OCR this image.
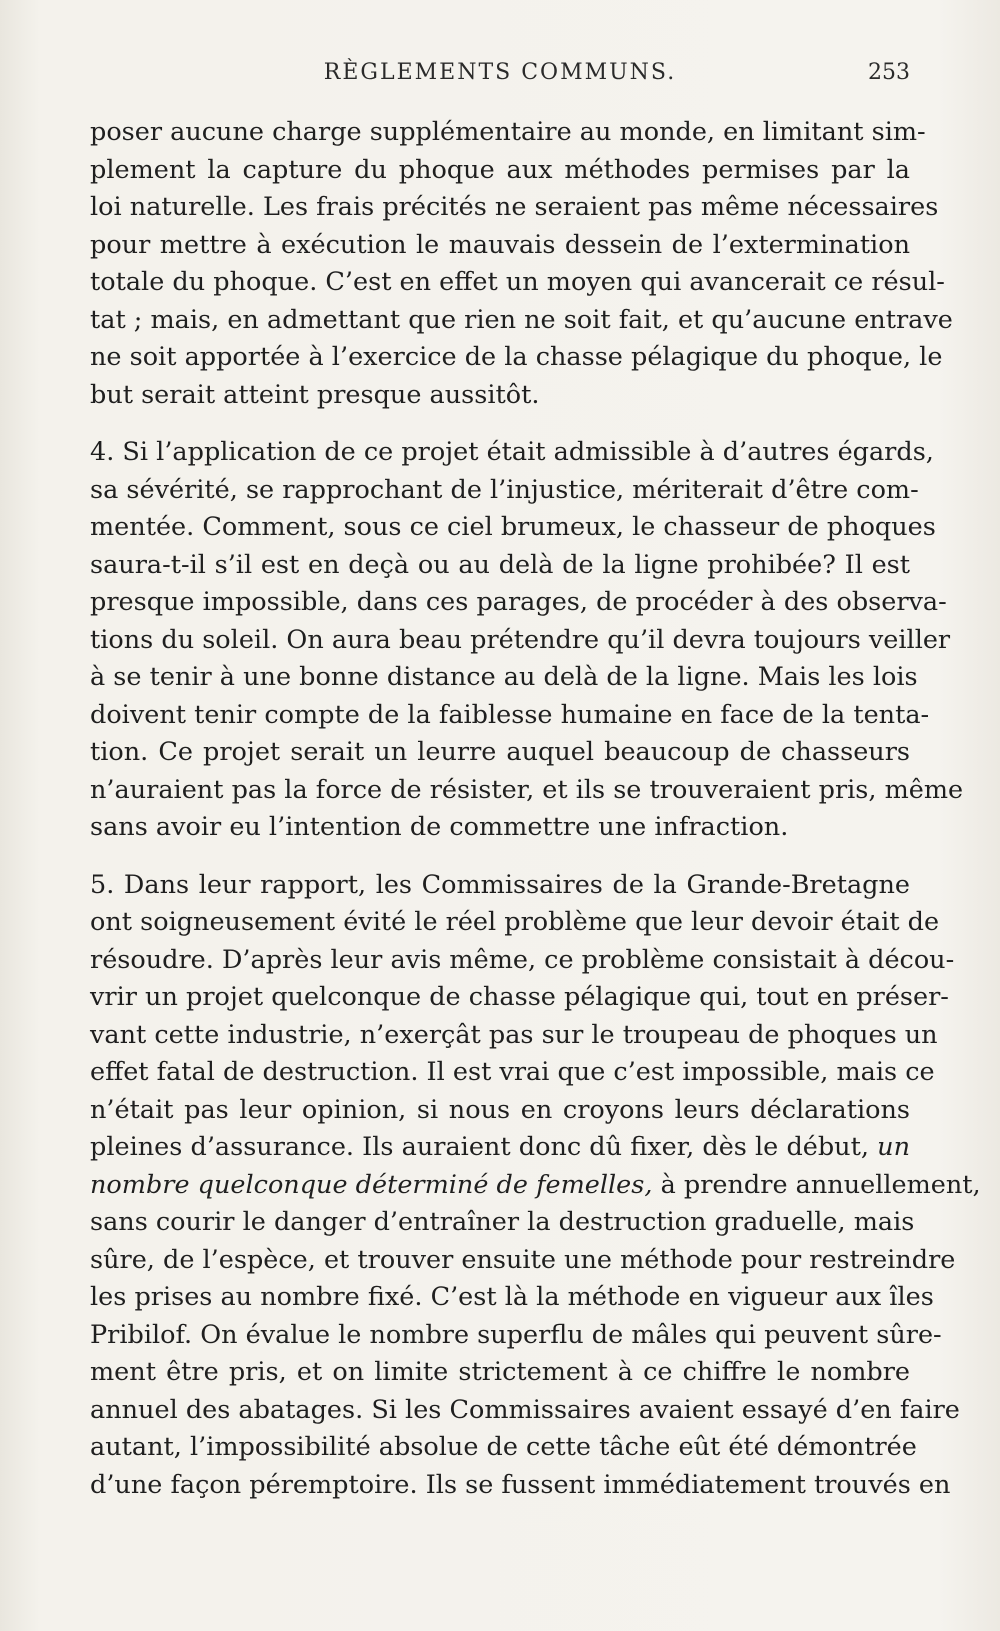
RÈGLEMENTS COMMUNS.	253
poser aucune charge supplémentaire au monde, en limitant sim-
plement la capture du phoque aux méthodes permises par la
loi naturelle. Les frais précités ne seraient pas même nécessaires
pour mettre à exécution le mauvais dessein de l’extermination
totale du phoque. C’est en effet un moyen qui avancerait ce résul-
tat ; mais, en admettant que rien ne soit fait, et qu’aucune entrave
ne soit apportée à l’exercice de la chasse pélagique du phoque, le
but serait atteint presque aussitôt.
4. Si l’application de ce projet était admissible à d’autres égards,
sa sévérité, se rapprochant de l’injustice, mériterait d’être com-
mentée. Comment, sous ce ciel brumeux, le chasseur de phoques
saura-t-il s’il est en deçà ou au delà de la ligne prohibée? Il est
presque impossible, dans ces parages, de procéder à des observa-
tions du soleil. On aura beau prétendre qu’il devra toujours veiller
à se tenir à une bonne distance au delà de la ligne. Mais les lois
doivent tenir compte de la faiblesse humaine en face de la tenta-
tion. Ce projet serait un leurre auquel beaucoup de chasseurs
n’auraient pas la force de résister, et ils se trouveraient pris, même
sans avoir eu l’intention de commettre une infraction.
5. Dans leur rapport, les Commissaires de la Grande-Bretagne
ont soigneusement évité le réel problème que leur devoir était de
résoudre. D’après leur avis même, ce problème consistait à décou-
vrir un projet quelconque de chasse pélagique qui, tout en préser-
vant cette industrie, n’exerçât pas sur le troupeau de phoques un
effet fatal de destruction. Il est vrai que c’est impossible, mais ce
n’était pas leur opinion, si nous en croyons leurs déclarations
pleines d’assurance. Ils auraient donc dû fixer, dès le début, un
nombre quelconque déterminé de femelles, à prendre annuellement,
sans courir le danger d’entraîner la destruction graduelle, mais
sûre, de l’espèce, et trouver ensuite une méthode pour restreindre
les prises au nombre fixé. C’est là la méthode en vigueur aux îles
Pribilof. On évalue le nombre superflu de mâles qui peuvent sûre-
ment être pris, et on limite strictement à ce chiffre le nombre
annuel des abatages. Si les Commissaires avaient essayé d’en faire
autant, l’impossibilité absolue de cette tâche eût été démontrée
d’une façon péremptoire. Ils se fussent immédiatement trouvés en
